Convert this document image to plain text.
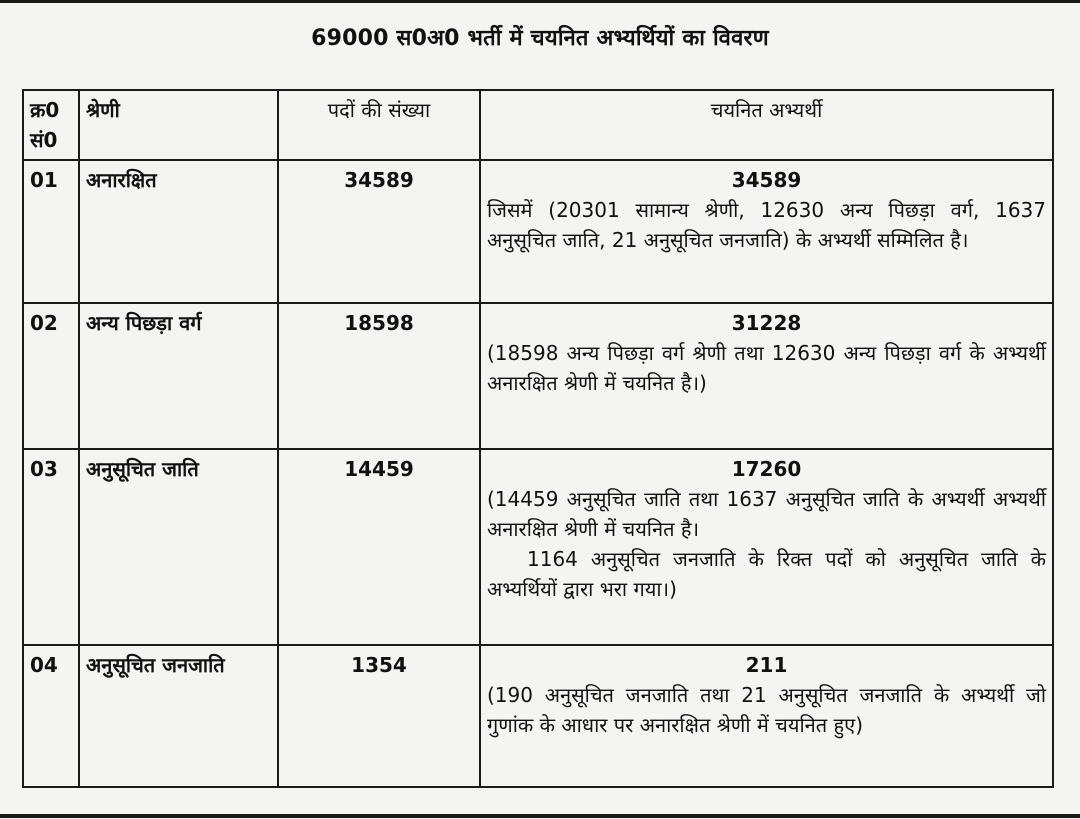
69000 स0अ0 भर्ती में चयनित अभ्यर्थियों का विवरण
क्र0 सं0	श्रेणी	पदों की संख्या	चयनित अभ्यर्थी
01	अनारक्षित	34589	34589
जिसमें (20301 सामान्य श्रेणी, 12630 अन्य पिछड़ा वर्ग, 1637 अनुसूचित जाति, 21 अनुसूचित जनजाति) के अभ्यर्थी सम्मिलित है।

02	अन्य पिछड़ा वर्ग	18598	31228
(18598 अन्य पिछड़ा वर्ग श्रेणी तथा 12630 अन्य पिछड़ा वर्ग के अभ्यर्थी अनारक्षित श्रेणी में चयनित है।)

03	अनुसूचित जाति	14459	17260
(14459 अनुसूचित जाति तथा 1637 अनुसूचित जाति के अभ्यर्थी अभ्यर्थी अनारक्षित श्रेणी में चयनित है।
1164 अनुसूचित जनजाति के रिक्त पदों को अनुसूचित जाति के अभ्यर्थियों द्वारा भरा गया।)

04	अनुसूचित जनजाति	1354	211
(190 अनुसूचित जनजाति तथा 21 अनुसूचित जनजाति के अभ्यर्थी जो गुणांक के आधार पर अनारक्षित श्रेणी में चयनित हुए)
